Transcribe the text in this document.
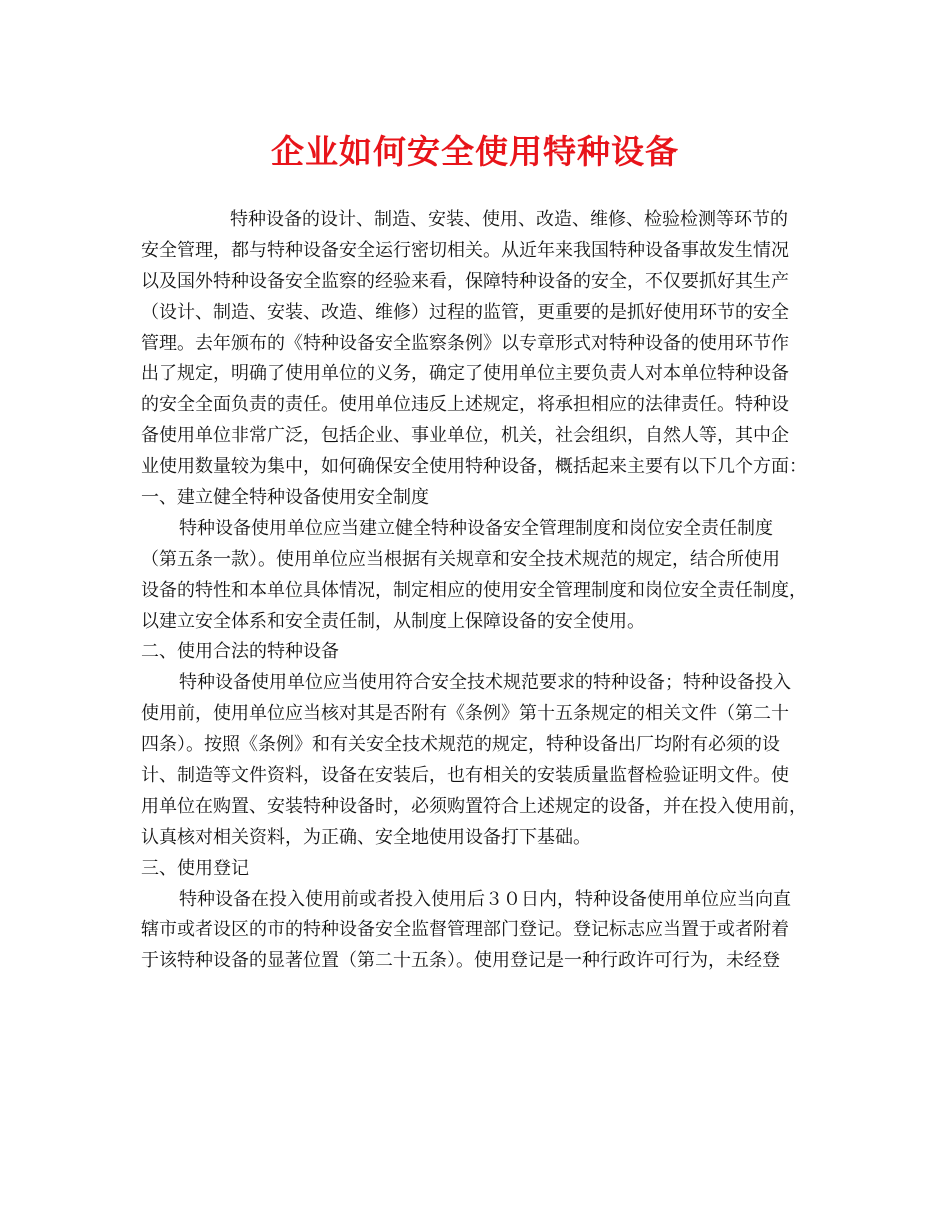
企业如何安全使用特种设备
特种设备的设计、制造、安装、使用、改造、维修、检验检测等环节的
安全管理，都与特种设备安全运行密切相关。从近年来我国特种设备事故发生情况
以及国外特种设备安全监察的经验来看，保障特种设备的安全，不仅要抓好其生产
（设计、制造、安装、改造、维修）过程的监管，更重要的是抓好使用环节的安全
管理。去年颁布的《特种设备安全监察条例》以专章形式对特种设备的使用环节作
出了规定，明确了使用单位的义务，确定了使用单位主要负责人对本单位特种设备
的安全全面负责的责任。使用单位违反上述规定，将承担相应的法律责任。特种设
备使用单位非常广泛，包括企业、事业单位，机关，社会组织，自然人等，其中企
业使用数量较为集中，如何确保安全使用特种设备，概括起来主要有以下几个方面：
一、建立健全特种设备使用安全制度
特种设备使用单位应当建立健全特种设备安全管理制度和岗位安全责任制度
（第五条一款）。使用单位应当根据有关规章和安全技术规范的规定，结合所使用
设备的特性和本单位具体情况，制定相应的使用安全管理制度和岗位安全责任制度，
以建立安全体系和安全责任制，从制度上保障设备的安全使用。
二、使用合法的特种设备
特种设备使用单位应当使用符合安全技术规范要求的特种设备；特种设备投入
使用前，使用单位应当核对其是否附有《条例》第十五条规定的相关文件（第二十
四条）。按照《条例》和有关安全技术规范的规定，特种设备出厂均附有必须的设
计、制造等文件资料，设备在安装后，也有相关的安装质量监督检验证明文件。使
用单位在购置、安装特种设备时，必须购置符合上述规定的设备，并在投入使用前，
认真核对相关资料，为正确、安全地使用设备打下基础。
三、使用登记
特种设备在投入使用前或者投入使用后３０日内，特种设备使用单位应当向直
辖市或者设区的市的特种设备安全监督管理部门登记。登记标志应当置于或者附着
于该特种设备的显著位置（第二十五条）。使用登记是一种行政许可行为，未经登
